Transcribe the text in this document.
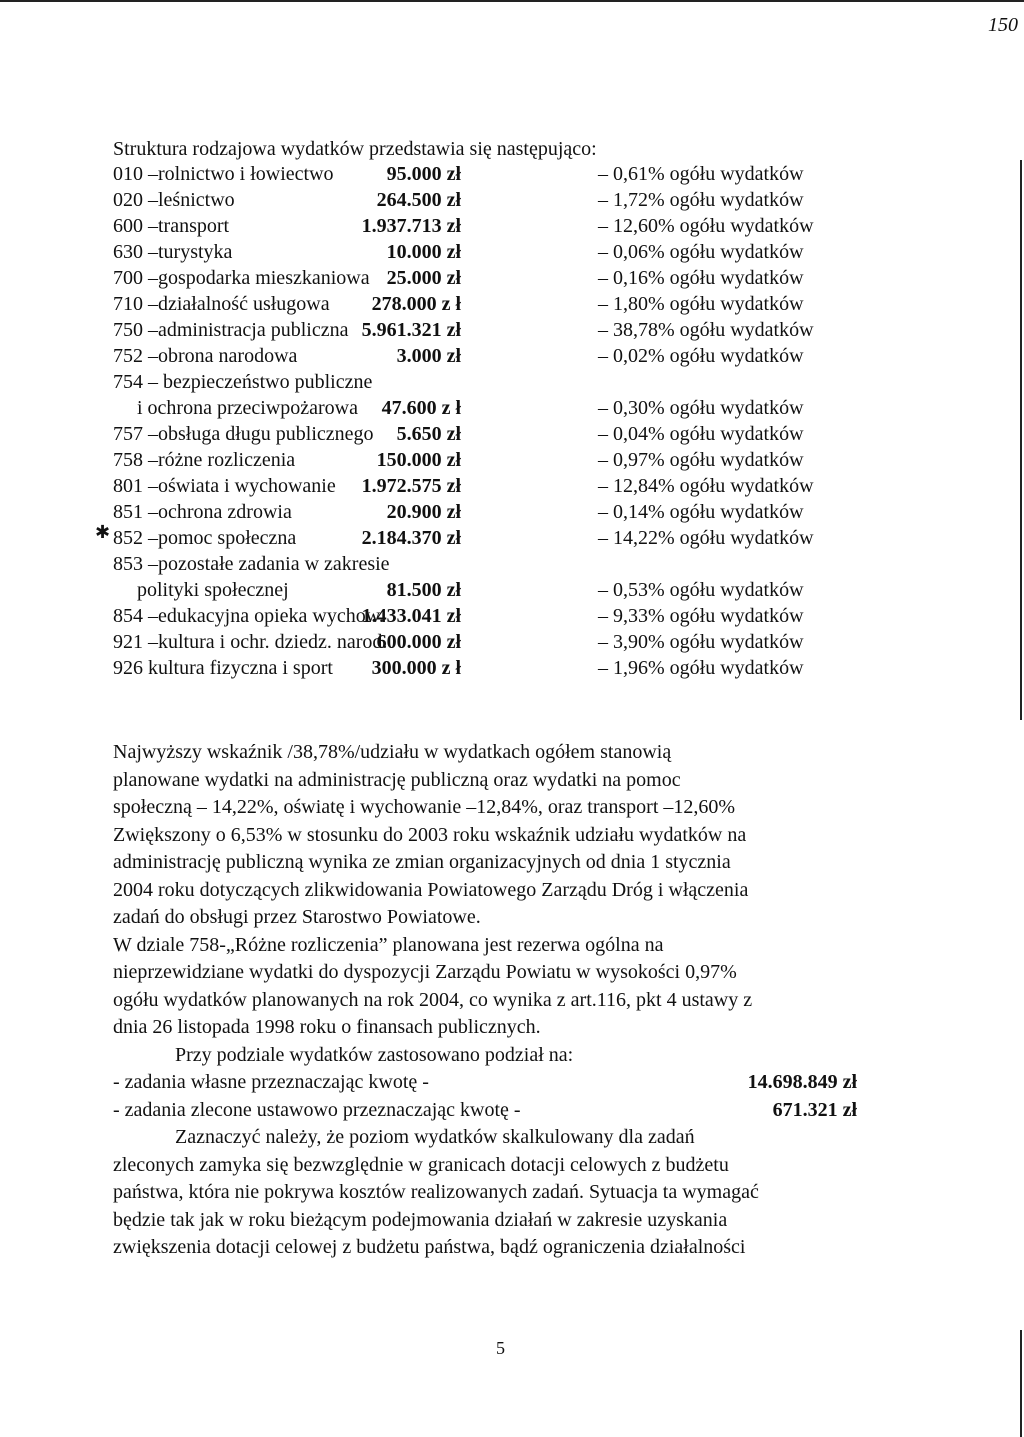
150
✱
Struktura rodzajowa wydatków przedstawia się następująco:
010 –rolnictwo i łowiectwo	95.000 zł	– 0,61% ogółu wydatków
020 –leśnictwo	264.500 zł	– 1,72% ogółu wydatków
600 –transport	1.937.713 zł	– 12,60% ogółu wydatków
630 –turystyka	10.000 zł	– 0,06% ogółu wydatków
700 –gospodarka mieszkaniowa 25.000 zł	– 0,16% ogółu wydatków
710 –działalność usługowa 278.000 z ł	– 1,80% ogółu wydatków
750 –administracja publiczna 5.961.321 zł	– 38,78% ogółu wydatków
752 –obrona narodowa	3.000 zł	– 0,02% ogółu wydatków
754 – bezpieczeństwo publiczne
i ochrona przeciwpożarowa 47.600 z ł	– 0,30% ogółu wydatków
757 –obsługa długu publicznego 5.650 zł	– 0,04% ogółu wydatków
758 –różne rozliczenia	150.000 zł	– 0,97% ogółu wydatków
801 –oświata i wychowanie 1.972.575 zł	– 12,84% ogółu wydatków
851 –ochrona zdrowia	20.900 zł	– 0,14% ogółu wydatków
852 –pomoc społeczna	2.184.370 zł	– 14,22% ogółu wydatków
853 –pozostałe zadania w zakresie
polityki społecznej	81.500 zł	– 0,53% ogółu wydatków
854 –edukacyjna opieka wychow.
1.433.041 zł	– 9,33% ogółu wydatków
921 –kultura i ochr. dziedz. narod.
600.000 zł	– 3,90% ogółu wydatków
926 kultura fizyczna i sport 300.000 z ł	– 1,96% ogółu wydatków

Najwyższy wskaźnik /38,78%/udziału w wydatkach ogółem stanowią

planowane wydatki na administrację publiczną oraz wydatki na pomoc

społeczną – 14,22%, oświatę i wychowanie –12,84%, oraz transport –12,60%

Zwiększony o 6,53% w stosunku do 2003 roku wskaźnik udziału wydatków na

administrację publiczną wynika ze zmian organizacyjnych od dnia 1 stycznia

2004 roku dotyczących zlikwidowania Powiatowego Zarządu Dróg i włączenia

zadań do obsługi przez Starostwo Powiatowe.

W dziale 758-„Różne rozliczenia” planowana jest rezerwa ogólna na

nieprzewidziane wydatki do dyspozycji Zarządu Powiatu w wysokości 0,97%

ogółu wydatków planowanych na rok 2004, co wynika z art.116, pkt 4 ustawy z

dnia 26 listopada 1998 roku o finansach publicznych.

Przy podziale wydatków zastosowano podział na:
- zadania własne przeznaczając kwotę -	14.698.849 zł
- zadania zlecone ustawowo przeznaczając kwotę -	671.321 zł

Zaznaczyć należy, że poziom wydatków skalkulowany dla zadań

zleconych zamyka się bezwzględnie w granicach dotacji celowych z budżetu

państwa, która nie pokrywa kosztów realizowanych zadań. Sytuacja ta wymagać

będzie tak jak w roku bieżącym podejmowania działań w zakresie uzyskania

zwiększenia dotacji celowej z budżetu państwa, bądź ograniczenia działalności

5
